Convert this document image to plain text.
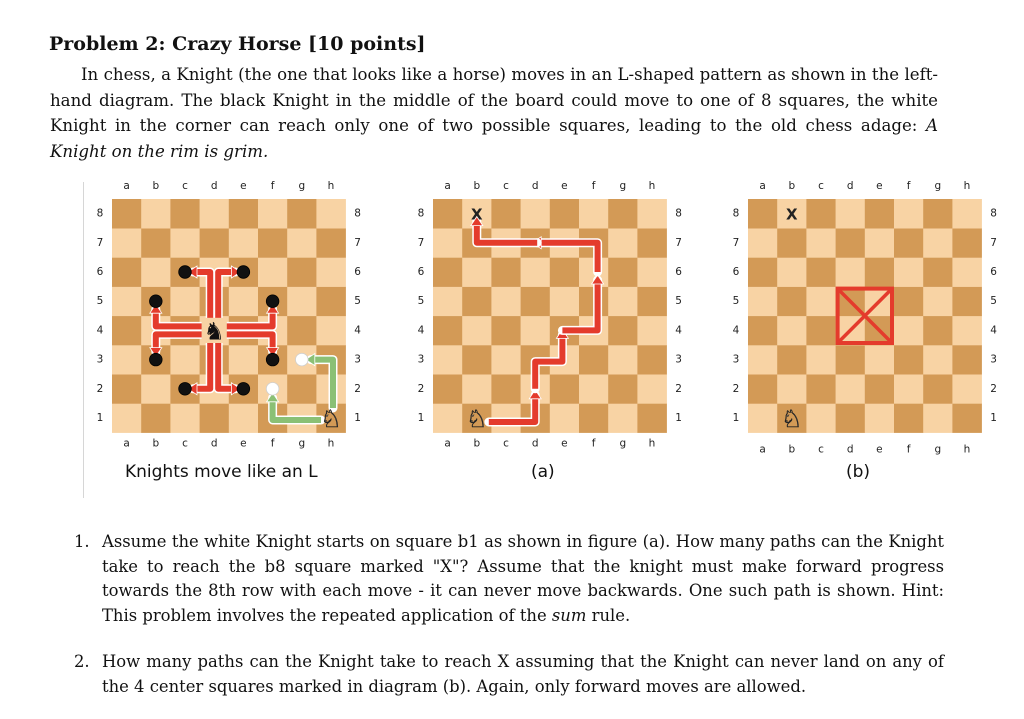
Problem 2: Crazy Horse [10 points]
In chess, a Knight (the one that looks like a horse) moves in an L-shaped pattern as shown in the left-hand diagram. The black Knight in the middle of the board could move to one of 8 squares, the white Knight in the corner can reach only one of two possible squares, leading to the old chess adage: A Knight on the rim is grim.
a
a
b
b
c
c
d
d
e
e
f
f
g
g
h
h
8	8
7	7
6	6
5	5
4	4
3	3
2	2
1	1
♞
♘
a
a
b
b
c
c
d
d
e
e
f
f
g
g
h
h
8	8
7	7
6	6
5	5
4	4
3	3
2	2
1	1
X
♘
a
a
b
b
c
c
d
d
e
e
f
f
g
g
h
h
8	8
7	7
6	6
5	5
4	4
3	3
2	2
1	1
X
♘
Knights move like an L	(a)	(b)
1. Assume the white Knight starts on square b1 as shown in figure (a). How many paths can the Knight take to reach the b8 square marked "X"? Assume that the knight must make forward progress towards the 8th row with each move - it can never move backwards. One such path is shown. Hint: This problem involves the repeated application of the sum rule.
2. How many paths can the Knight take to reach X assuming that the Knight can never land on any of the 4 center squares marked in diagram (b). Again, only forward moves are allowed.
